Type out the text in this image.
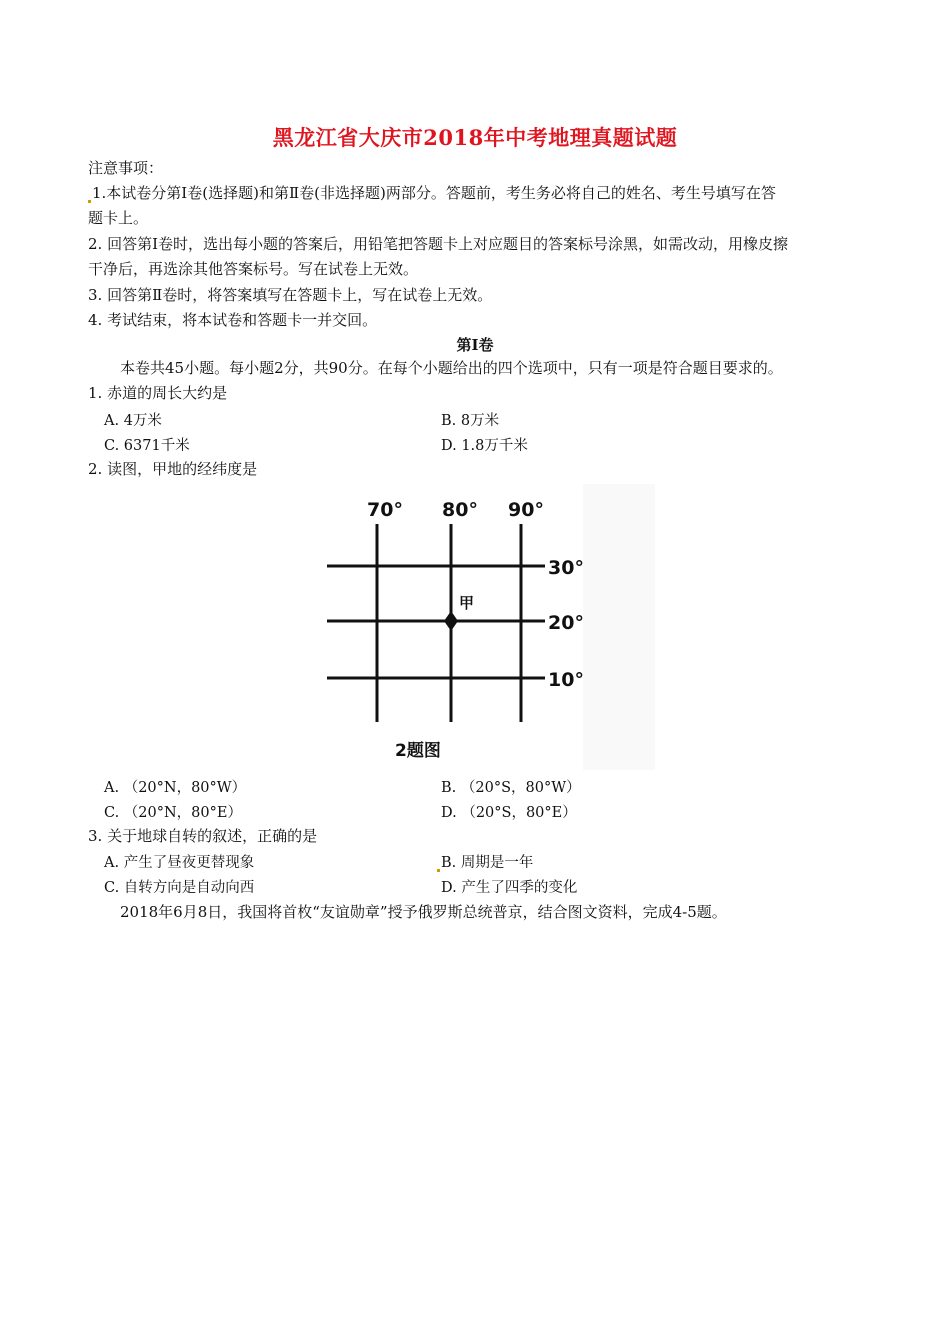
黑龙江省大庆市2018年中考地理真题试题
注意事项：
1.本试卷分第Ⅰ卷(选择题)和第Ⅱ卷(非选择题)两部分。答题前，考生务必将自己的姓名、考生号填写在答
题卡上。
2. 回答第Ⅰ卷时，选出每小题的答案后，用铅笔把答题卡上对应题目的答案标号涂黑，如需改动，用橡皮擦
干净后，再选涂其他答案标号。写在试卷上无效。
3. 回答第Ⅱ卷时，将答案填写在答题卡上，写在试卷上无效。
4. 考试结束，将本试卷和答题卡一并交回。
第Ⅰ卷
本卷共45小题。每小题2分，共90分。在每个小题给出的四个选项中，只有一项是符合题目要求的。
1. 赤道的周长大约是
A. 4万米	B. 8万米
C. 6371千米	D. 1.8万千米
2. 读图，甲地的经纬度是
70° 80° 90°
30°
20°
10°
甲
2题图
A. （20°N，80°W）	B. （20°S，80°W）
C. （20°N，80°E）	D. （20°S，80°E）
3. 关于地球自转的叙述，正确的是
A. 产生了昼夜更替现象	B. 周期是一年
C. 自转方向是自动向西	D. 产生了四季的变化
2018年6月8日，我国将首枚“友谊勋章”授予俄罗斯总统普京，结合图文资料，完成4-5题。
